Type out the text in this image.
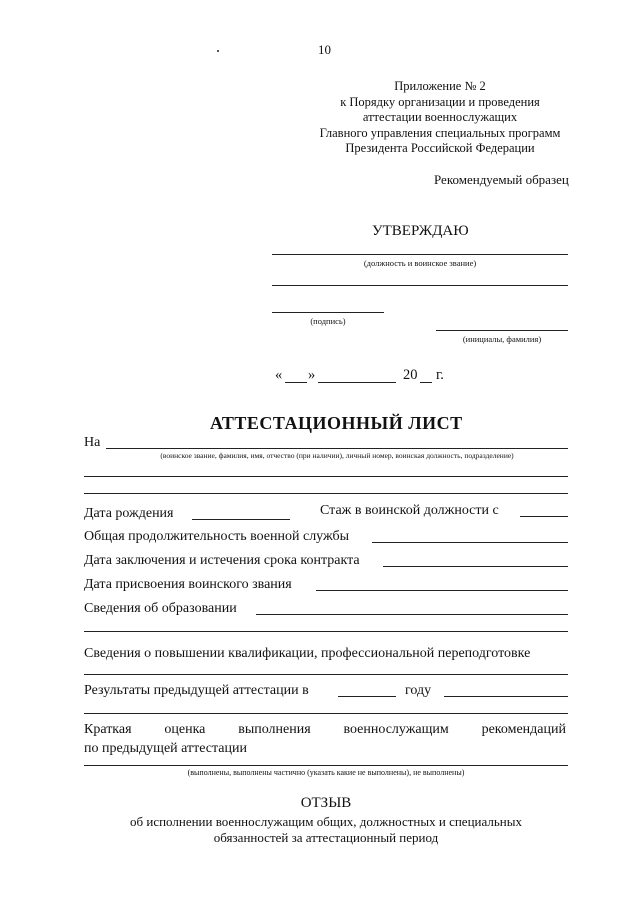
10
Приложение № 2
к Порядку организации и проведения
аттестации военнослужащих
Главного управления специальных программ
Президента Российской Федерации
Рекомендуемый образец
УТВЕРЖДАЮ
(должность и воинское звание)
(подпись)
(инициалы, фамилия)
« »	20 г.
АТТЕСТАЦИОННЫЙ ЛИСТ
На
(воинское звание, фамилия, имя, отчество (при наличии), личный номер, воинская должность, подразделение)
Дата рождения	Стаж в воинской должности с
Общая продолжительность военной службы
Дата заключения и истечения срока контракта
Дата присвоения воинского звания
Сведения об образовании
Сведения о повышении квалификации, профессиональной переподготовке
Результаты предыдущей аттестации в	году
Краткая оценка выполнения военнослужащим рекомендаций
по предыдущей аттестации
(выполнены, выполнены частично (указать какие не выполнены), не выполнены)
ОТЗЫВ
об исполнении военнослужащим общих, должностных и специальных
обязанностей за аттестационный период
